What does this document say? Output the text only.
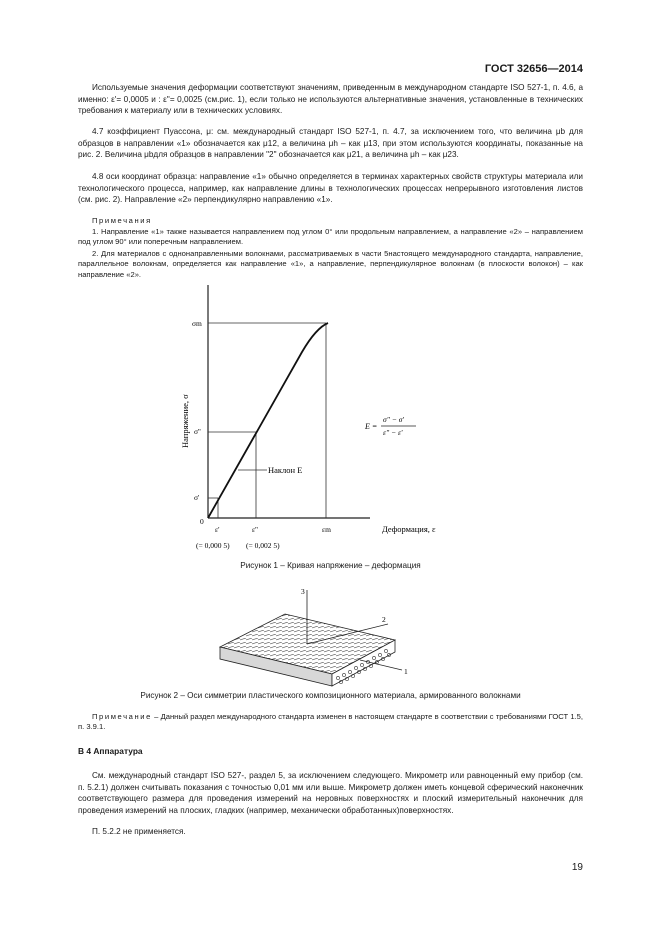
ГОСТ 32656—2014

Используемые значения деформации соответствуют значениям, приведенным в международном стандарте ISO 527-1, п. 4.6, а именно: ε'= 0,0005 и : ε''= 0,0025 (см.рис. 1), если только не используются альтернативные значения, установленные в технических требования к материалу или в технических условиях.

4.7 коэффициент Пуассона, μ: см. международный стандарт ISO 527-1, п. 4.7, за исключением того, что величина μb для образцов в направлении «1» обозначается как μ12, а величина μh – как μ13, при этом используются координаты, показанные на рис. 2. Величина μbдля образцов в направлении "2" обозначается как μ21, а величина μh – как μ23.

4.8 оси координат образца: направление «1» обычно определяется в терминах характерных свойств структуры материала или технологического процесса, например, как направление длины в технологических процессах непрерывного изготовления листов (см. рис. 2). Направление «2» перпендикулярно направлению «1».

Примечания

1. Направление «1» также называется направлением под углом 0° или продольным направлением, а направление «2» – направлением под углом 90° или поперечным направлением.

2. Для материалов с однонаправленными волокнами, рассматриваемых в части 5настоящего международного стандарта, направление, параллельное волокнам, определяется как направление «1», а направление, перпендикулярное волокнам (в плоскости волокон) – как направление «2».

Наклон E
σm
σ''
σ'
0
ε'	ε''	εm
(= 0,000 5) (= 0,002 5)
Деформация, ε
Напряжение, σ	E =
σ'' − σ'
ε'' − ε'
Рисунок 1 – Кривая напряжение – деформация
3
2
1
Рисунок 2 – Оси симметрии пластического композиционного материала, армированного волокнами

Примечание – Данный раздел международного стандарта изменен в настоящем стандарте в соответствии с требованиями ГОСТ 1.5, п. 3.9.1.

В 4 Аппаратура

См. международный стандарт ISO 527-, раздел 5, за исключением следующего. Микрометр или равноценный ему прибор (см. п. 5.2.1) должен считывать показания с точностью 0,01 мм или выше. Микрометр должен иметь концевой сферический наконечник соответствующего размера для проведения измерений на неровных поверхностях и плоский измерительный наконечник для проведения измерений на плоских, гладких (например, механически обработанных)поверхностях.

П. 5.2.2 не применяется.

19
